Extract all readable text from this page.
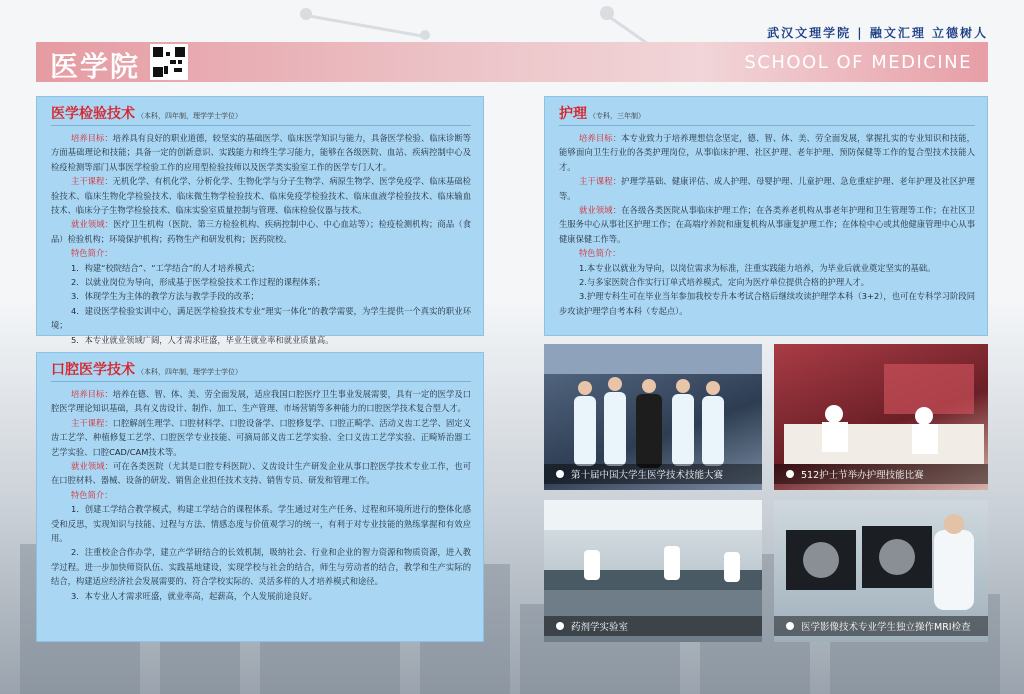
武汉文理学院 | 融文汇理 立德树人
医学院	SCHOOL OF MEDICINE
医学检验技术 （本科，四年制，理学学士学位）
培养目标：培养具有良好的职业道德，较坚实的基础医学、临床医学知识与能力，具备医学检验、临床诊断等方面基础理论和技能；具备一定的创新意识、实践能力和终生学习能力，能够在各级医院、血站、疾病控制中心及检疫检测等部门从事医学检验工作的应用型检验技师以及医学类实验室工作的医学专门人才。
主干课程：无机化学、有机化学、分析化学、生物化学与分子生物学、病原生物学、医学免疫学、临床基础检验技术、临床生物化学检验技术、临床微生物学检验技术、临床免疫学检验技术、临床血液学检验技术、临床输血技术、临床分子生物学检验技术、临床实验室质量控制与管理、临床检验仪器与技术。
就业领域：医疗卫生机构（医院、第三方检验机构、疾病控制中心、中心血站等）；检疫检测机构；商品（食品）检验机构；环境保护机构；药物生产和研发机构；医药院校。
特色简介：
1．构建“校院结合”、“工学结合”的人才培养模式；
2．以就业岗位为导向，形成基于医学检验技术工作过程的课程体系；
3．体现学生为主体的教学方法与教学手段的改革；
4．建设医学检验实训中心，满足医学检验技术专业“理实一体化”的教学需要，为学生提供一个真实的职业环境；
5．本专业就业领域广阔，人才需求旺盛，毕业生就业率和就业质量高。
口腔医学技术 （本科，四年制，理学学士学位）
培养目标：培养在德、智、体、美、劳全面发展，适应我国口腔医疗卫生事业发展需要，具有一定的医学及口腔医学理论知识基础，具有义齿设计、制作、加工、生产管理、市场营销等多种能力的口腔医学技术复合型人才。
主干课程：口腔解剖生理学、口腔材料学、口腔设备学、口腔修复学、口腔正畸学、活动义齿工艺学、固定义齿工艺学、种植修复工艺学、口腔医学专业技能、可摘局部义齿工艺学实验、全口义齿工艺学实验、正畸矫治器工艺学实验、口腔CAD/CAM技术等。
就业领域：可在各类医院（尤其是口腔专科医院）、义齿设计生产研发企业从事口腔医学技术专业工作，也可在口腔材料、器械、设备的研发、销售企业担任技术支持、销售专员、研发和管理工作。
特色简介：
1．创建工学结合教学模式，构建工学结合的课程体系。学生通过对生产任务、过程和环境所进行的整体化感受和反思，实现知识与技能、过程与方法、情感态度与价值观学习的统一，有利于对专业技能的熟练掌握和有效应用。
2．注重校企合作办学，建立产学研结合的长效机制，吸纳社会、行业和企业的智力资源和物质资源，进入教学过程。进一步加快师资队伍、实践基地建设，实现学校与社会的结合，师生与劳动者的结合，教学和生产实际的结合，构建适应经济社会发展需要的、符合学校实际的、灵活多样的人才培养模式和途径。
3．本专业人才需求旺盛，就业率高，起薪高，个人发展前途良好。
护理 （专科，三年制）
培养目标：本专业致力于培养理想信念坚定，德、智、体、美、劳全面发展，掌握扎实的专业知识和技能，能够面向卫生行业的各类护理岗位，从事临床护理、社区护理、老年护理、预防保健等工作的复合型技术技能人才。
主干课程：护理学基础、健康评估、成人护理、母婴护理、儿童护理、急危重症护理、老年护理及社区护理等。
就业领域：在各级各类医院从事临床护理工作；在各类养老机构从事老年护理和卫生管理等工作；在社区卫生服务中心从事社区护理工作；在高端疗养院和康复机构从事康复护理工作；在体检中心或其他健康管理中心从事健康保健工作等。
特色简介：
1.本专业以就业为导向，以岗位需求为标准，注重实践能力培养，为毕业后就业奠定坚实的基础。
2.与多家医院合作实行订单式培养模式，定向为医疗单位提供合格的护理人才。
3.护理专科生可在毕业当年参加我校专升本考试合格后继续攻读护理学本科（3+2），也可在专科学习阶段同步攻读护理学自考本科（专起点）。
第十届中国大学生医学技术技能大赛	512护士节举办护理技能比赛
药剂学实验室	医学影像技术专业学生独立操作MRI检查
